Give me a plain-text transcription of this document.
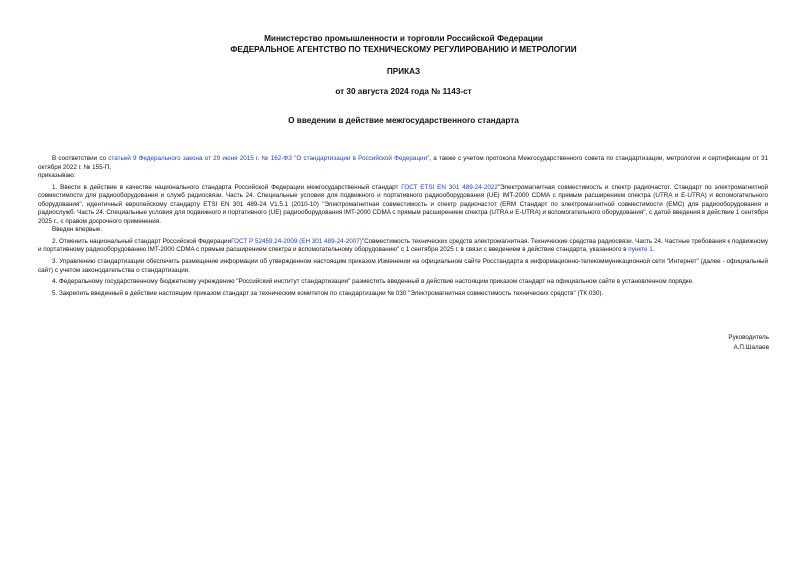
Министерство промышленности и торговли Российской Федерации
ФЕДЕРАЛЬНОЕ АГЕНТСТВО ПО ТЕХНИЧЕСКОМУ РЕГУЛИРОВАНИЮ И МЕТРОЛОГИИ
ПРИКАЗ
от 30 августа 2024 года № 1143-ст
О введении в действие межгосударственного стандарта

В соответствии со статьей 9 Федерального закона от 29 июня 2015 г. № 162-ФЗ "О стандартизации в Российской Федерации", а также с учетом протокола Межгосударственного совета по стандартизации, метрологии и сертификации от 31 октября 2022 г. № 155-П,

приказываю:

1. Ввести в действие в качестве национального стандарта Российской Федерации межгосударственный стандарт ГОСТ ETSI EN 301 489-24-2022"Электромагнитная совместимость и спектр радиочастот. Стандарт по электромагнитной совместимости для радиооборудования и служб радиосвязи. Часть 24. Специальные условия для подвижного и портативного радиооборудования (UE) IMT-2000 CDMA с прямым расширением спектра (UTRA и E-UTRA) и вспомогательного оборудования", идентичный европейскому стандарту ETSI EN 301 489-24 V1.5.1 (2010-10) "Электромагнитная совместимость и спектр радиочастот (ERM Стандарт по электромагнитной совместимости (EMC) для радиооборудования и радиослужб. Часть 24. Специальные условия для подвижного и портативного (UE) радиооборудования IMT-2000 CDMA с прямым расширением спектра (UTRA и E-UTRA) и вспомогательного оборудования", с датой введения в действие 1 сентября 2025 г., с правом досрочного применения.

Введен впервые.

2. Отменить национальный стандарт Российской ФедерацииГОСТ Р 52459.24-2009 (ЕН 301 489-24-2007)"Совместимость технических средств электромагнитная. Технические средства радиосвязи. Часть 24. Частные требования к подвижному и портативному радиооборудованию IMT-2000 CDMA с прямым расширением спектра и вспомогательному оборудованию" с 1 сентября 2025 г. в связи с введением в действие стандарта, указанного в пункте 1.

3. Управлению стандартизации обеспечить размещение информации об утвержденном настоящим приказом Изменении на официальном сайте Росстандарта в информационно-телекоммуникационной сети "Интернет" (далее - официальный сайт) с учетом законодательства о стандартизации.

4. Федеральному государственному бюджетному учреждению "Российский институт стандартизации" разместить введенный в действие настоящим приказом стандарт на официальном сайте в установленном порядке.

5. Закрепить введенный в действие настоящим приказом стандарт за техническим комитетом по стандартизации № 030 "Электромагнитная совместимость технических средств" (ТК 030).

Руководитель
А.П.Шалаев
